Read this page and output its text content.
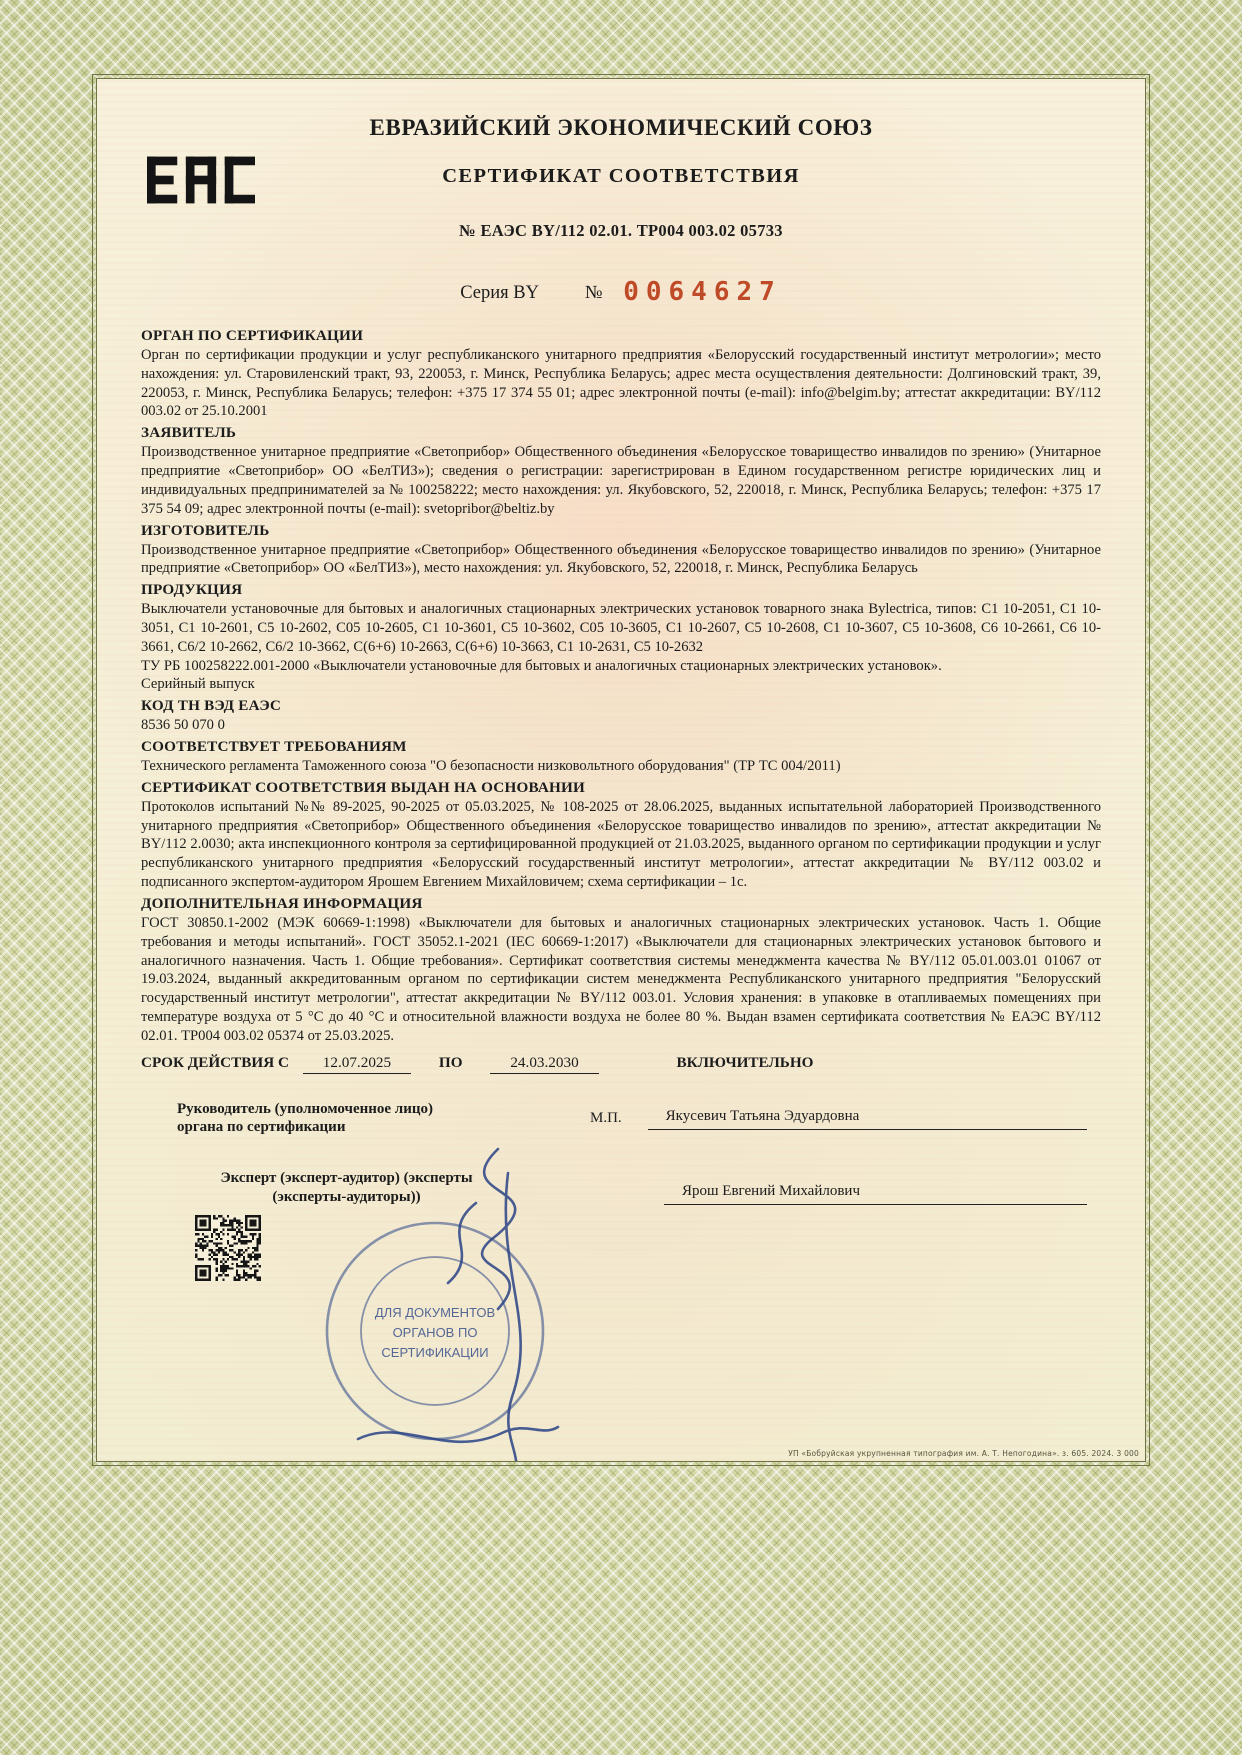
ЕВРАЗИЙСКИЙ ЭКОНОМИЧЕСКИЙ СОЮЗ
СЕРТИФИКАТ СООТВЕТСТВИЯ
№ ЕАЭС BY/112 02.01. ТР004 003.02 05733
Серия BY	№ 0064627
ОРГАН ПО СЕРТИФИКАЦИИ

Орган по сертификации продукции и услуг республиканского унитарного предприятия «Белорусский государственный институт метрологии»; место нахождения: ул. Старовиленский тракт, 93, 220053, г. Минск, Республика Беларусь; адрес места осуществления деятельности: Долгиновский тракт, 39, 220053, г. Минск, Республика Беларусь; телефон: +375 17 374 55 01; адрес электронной почты (e-mail): info@belgim.by; аттестат аккредитации: BY/112 003.02 от 25.10.2001

ЗАЯВИТЕЛЬ

Производственное унитарное предприятие «Светоприбор» Общественного объединения «Белорусское товарищество инвалидов по зрению» (Унитарное предприятие «Светоприбор» ОО «БелТИЗ»); сведения о регистрации: зарегистрирован в Едином государственном регистре юридических лиц и индивидуальных предпринимателей за № 100258222; место нахождения: ул. Якубовского, 52, 220018, г. Минск, Республика Беларусь; телефон: +375 17 375 54 09; адрес электронной почты (e-mail): svetopribor@beltiz.by

ИЗГОТОВИТЕЛЬ

Производственное унитарное предприятие «Светоприбор» Общественного объединения «Белорусское товарищество инвалидов по зрению» (Унитарное предприятие «Светоприбор» ОО «БелТИЗ»), место нахождения: ул. Якубовского, 52, 220018, г. Минск, Республика Беларусь

ПРОДУКЦИЯ

Выключатели установочные для бытовых и аналогичных стационарных электрических установок товарного знака Bylectrica, типов: С1 10-2051, С1 10-3051, С1 10-2601, С5 10-2602, С05 10-2605, С1 10-3601, С5 10-3602, С05 10-3605, С1 10-2607, С5 10-2608, С1 10-3607, С5 10-3608, С6 10-2661, С6 10-3661, С6/2 10-2662, С6/2 10-3662, С(6+6) 10-2663, С(6+6) 10-3663, С1 10-2631, С5 10-2632

ТУ РБ 100258222.001-2000 «Выключатели установочные для бытовых и аналогичных стационарных электрических установок».

Серийный выпуск

КОД ТН ВЭД ЕАЭС

8536 50 070 0

СООТВЕТСТВУЕТ ТРЕБОВАНИЯМ

Технического регламента Таможенного союза "О безопасности низковольтного оборудования" (ТР ТС 004/2011)

СЕРТИФИКАТ СООТВЕТСТВИЯ ВЫДАН НА ОСНОВАНИИ

Протоколов испытаний №№ 89-2025, 90-2025 от 05.03.2025, № 108-2025 от 28.06.2025, выданных испытательной лабораторией Производственного унитарного предприятия «Светоприбор» Общественного объединения «Белорусское товарищество инвалидов по зрению», аттестат аккредитации № BY/112 2.0030; акта инспекционного контроля за сертифицированной продукцией от 21.03.2025, выданного органом по сертификации продукции и услуг республиканского унитарного предприятия «Белорусский государственный институт метрологии», аттестат аккредитации № BY/112 003.02 и подписанного экспертом-аудитором Ярошем Евгением Михайловичем; схема сертификации – 1с.

ДОПОЛНИТЕЛЬНАЯ ИНФОРМАЦИЯ

ГОСТ 30850.1-2002 (МЭК 60669-1:1998) «Выключатели для бытовых и аналогичных стационарных электрических установок. Часть 1. Общие требования и методы испытаний». ГОСТ 35052.1-2021 (IEC 60669-1:2017) «Выключатели для стационарных электрических установок бытового и аналогичного назначения. Часть 1. Общие требования». Сертификат соответствия системы менеджмента качества № BY/112 05.01.003.01 01067 от 19.03.2024, выданный аккредитованным органом по сертификации систем менеджмента Республиканского унитарного предприятия "Белорусский государственный институт метрологии", аттестат аккредитации № BY/112 003.01. Условия хранения: в упаковке в отапливаемых помещениях при температуре воздуха от 5 °С до 40 °С и относительной влажности воздуха не более 80 %. Выдан взамен сертификата соответствия № ЕАЭС BY/112 02.01. ТР004 003.02 05374 от 25.03.2025.

СРОК ДЕЙСТВИЯ С 12.07.2025	ПО	24.03.2030	ВКЛЮЧИТЕЛЬНО
Руководитель (уполномоченное лицо) органа по сертификации
М.П.	Якусевич Татьяна Эдуардовна
Эксперт (эксперт-аудитор) (эксперты (эксперты-аудиторы))	Ярош Евгений Михайлович
ДЛЯ ДОКУМЕНТОВ
ОРГАНОВ ПО
СЕРТИФИКАЦИИ
УП «Бобруйская укрупненная типография им. А. Т. Непогодина». з. 605. 2024. 3 000
